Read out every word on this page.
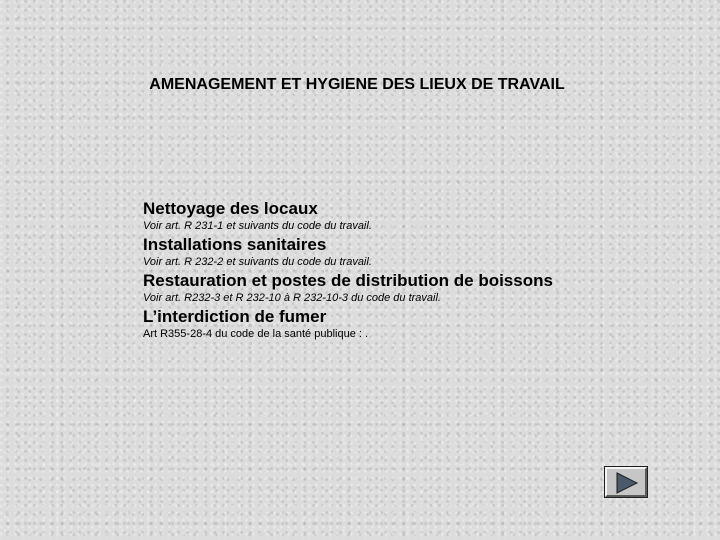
AMENAGEMENT ET HYGIENE DES LIEUX DE TRAVAIL
Nettoyage des locaux
Voir art. R 231-1 et suivants du code du travail.
Installations sanitaires
Voir art. R 232-2 et suivants du code du travail.
Restauration et postes de distribution de boissons
Voir art. R232-3 et R 232-10 à R 232-10-3 du code du travail.
L’interdiction de fumer
Art R355-28-4 du code de la santé publique : .
